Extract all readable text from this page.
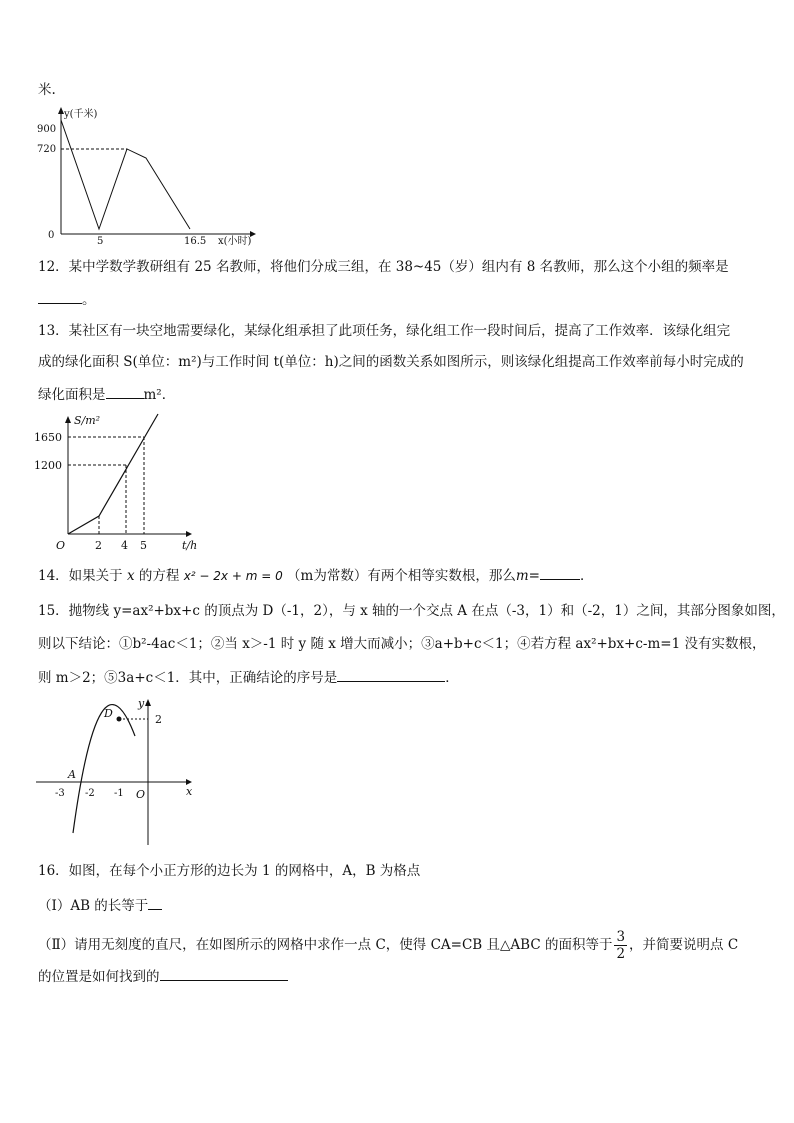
米.
y(千米)
x(小时)
900
720
0
5	16.5
12．某中学数学教研组有 25 名教师，将他们分成三组，在 38~45（岁）组内有 8 名教师，那么这个小组的频率是
。
13．某社区有一块空地需要绿化，某绿化组承担了此项任务，绿化组工作一段时间后，提高了工作效率．该绿化组完
成的绿化面积 S(单位：m²)与工作时间 t(单位：h)之间的函数关系如图所示，则该绿化组提高工作效率前每小时完成的
绿化面积是	m²．
S/m²
t/h
O
1650
1200
2 4 5
14．如果关于 x 的方程 x² − 2x + m = 0 （m为常数）有两个相等实数根，那么m=	．
15．抛物线 y=ax²+bx+c 的顶点为 D（-1，2），与 x 轴的一个交点 A 在点（-3，1）和（-2，1）之间，其部分图象如图，
则以下结论：①b²-4ac＜1；②当 x＞-1 时 y 随 x 增大而减小；③a+b+c＜1；④若方程 ax²+bx+c-m=1 没有实数根，
则 m＞2；⑤3a+c＜1．其中，正确结论的序号是	．
y
x
O
2
-3 -2 -1
D
A
16．如图，在每个小正方形的边长为 1 的网格中，A，B 为格点
（Ⅰ）AB 的长等于
（Ⅱ）请用无刻度的直尺，在如图所示的网格中求作一点 C，使得 CA=CB 且△ABC 的面积等于 $\frac{3}{2}$ ，并简要说明点 C
的位置是如何找到的
